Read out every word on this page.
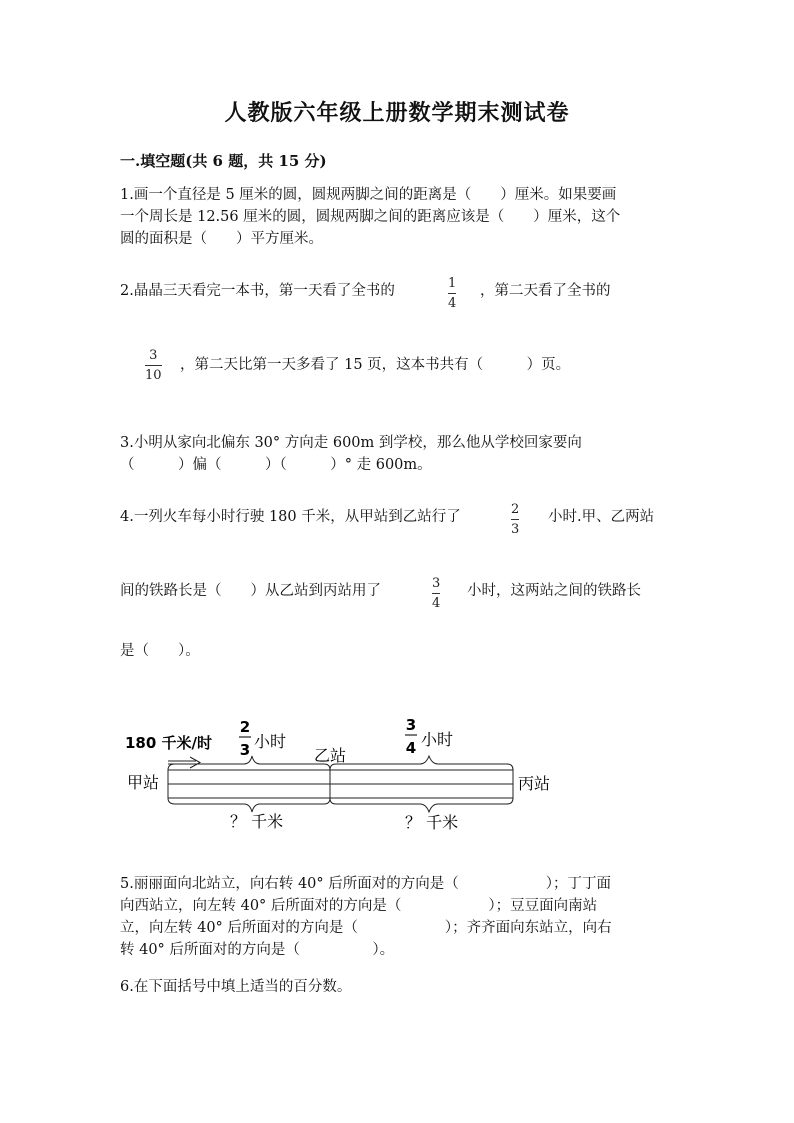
人教版六年级上册数学期末测试卷
一.填空题(共 6 题，共 15 分)
1.画一个直径是 5 厘米的圆，圆规两脚之间的距离是（　　）厘米。如果要画
一个周长是 12.56 厘米的圆，圆规两脚之间的距离应该是（　　）厘米，这个
圆的面积是（　　）平方厘米。
2.晶晶三天看完一本书，第一天看了全书的	1
4
，第二天看了全书的
3
10
，第二天比第一天多看了 15 页，这本书共有（　　　）页。
3.小明从家向北偏东 30° 方向走 600m 到学校，那么他从学校回家要向
（　　　）偏（　　　）（　　　）° 走 600m。
4.一列火车每小时行驶 180 千米，从甲站到乙站行了	2
3
小时.甲、乙两站
间的铁路长是（　　）从乙站到丙站用了	3
4
小时，这两站之间的铁路长
是（　　）。
180 千米/时
2
3 小时
3
4 小时
甲站
乙站
丙站
？ 千米	？ 千米
5.丽丽面向北站立，向右转 40° 后所面对的方向是（　　　　　　）；丁丁面
向西站立，向左转 40° 后所面对的方向是（　　　　　　）；豆豆面向南站
立，向左转 40° 后所面对的方向是（　　　　　　）；齐齐面向东站立，向右
转 40° 后所面对的方向是（　　　　　）。
6.在下面括号中填上适当的百分数。
